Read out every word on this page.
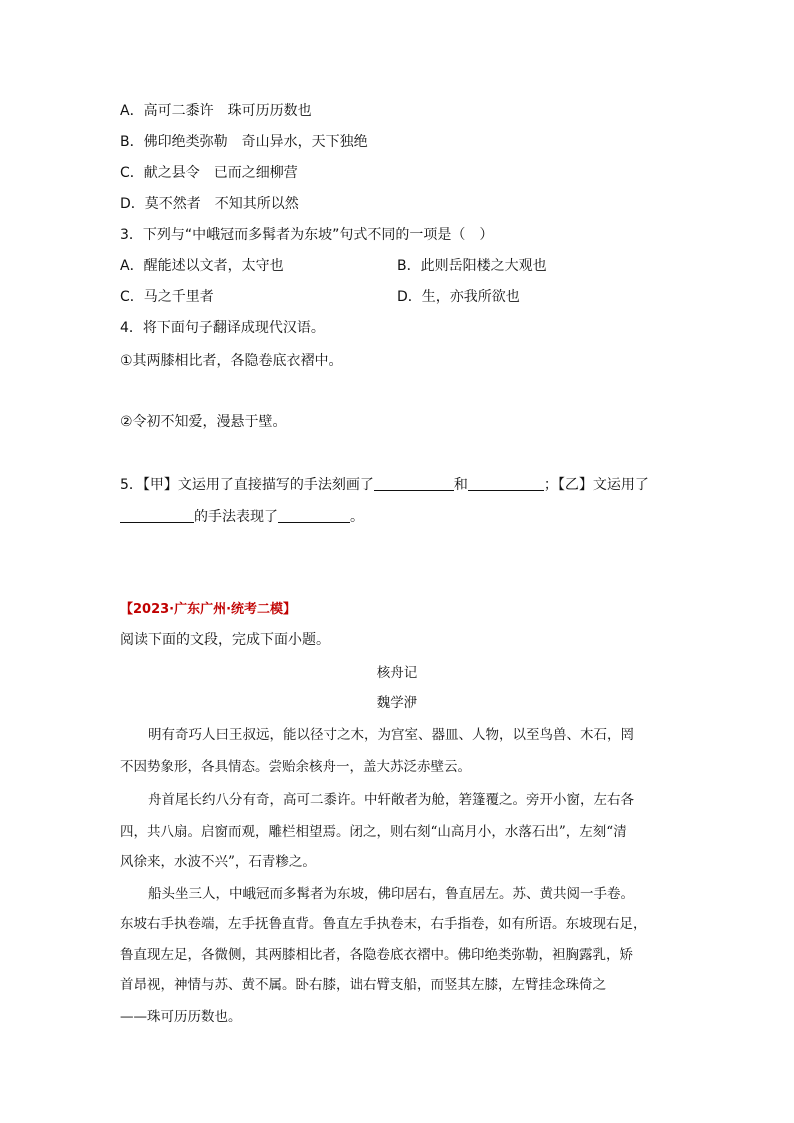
A．高可二黍许　珠可历历数也
B．佛印绝类弥勒　奇山异水，天下独绝
C．献之县令　已而之细柳营
D．莫不然者　不知其所以然
3．下列与“中峨冠而多髯者为东坡”句式不同的一项是（　）
A．醒能述以文者，太守也	B．此则岳阳楼之大观也
C．马之千里者	D．生，亦我所欲也
4．将下面句子翻译成现代汉语。
①其两膝相比者，各隐卷底衣褶中。
②令初不知爱，漫悬于壁。
5．【甲】文运用了直接描写的手法刻画了	和	；【乙】文运用了
的手法表现了	。
【2023·广东广州·统考二模】
阅读下面的文段，完成下面小题。
核舟记
魏学洢
明有奇巧人曰王叔远，能以径寸之木，为宫室、器皿、人物，以至鸟兽、木石，罔
不因势象形，各具情态。尝贻余核舟一，盖大苏泛赤壁云。
舟首尾长约八分有奇，高可二黍许。中轩敞者为舱，箬篷覆之。旁开小窗，左右各
四，共八扇。启窗而观，雕栏相望焉。闭之，则右刻“山高月小，水落石出”，左刻“清
风徐来，水波不兴”，石青糁之。
船头坐三人，中峨冠而多髯者为东坡，佛印居右，鲁直居左。苏、黄共阅一手卷。
东坡右手执卷端，左手抚鲁直背。鲁直左手执卷末，右手指卷，如有所语。东坡现右足，
鲁直现左足，各微侧，其两膝相比者，各隐卷底衣褶中。佛印绝类弥勒，袒胸露乳，矫
首昂视，神情与苏、黄不属。卧右膝，诎右臂支船，而竖其左膝，左臂挂念珠倚之
——珠可历历数也。
